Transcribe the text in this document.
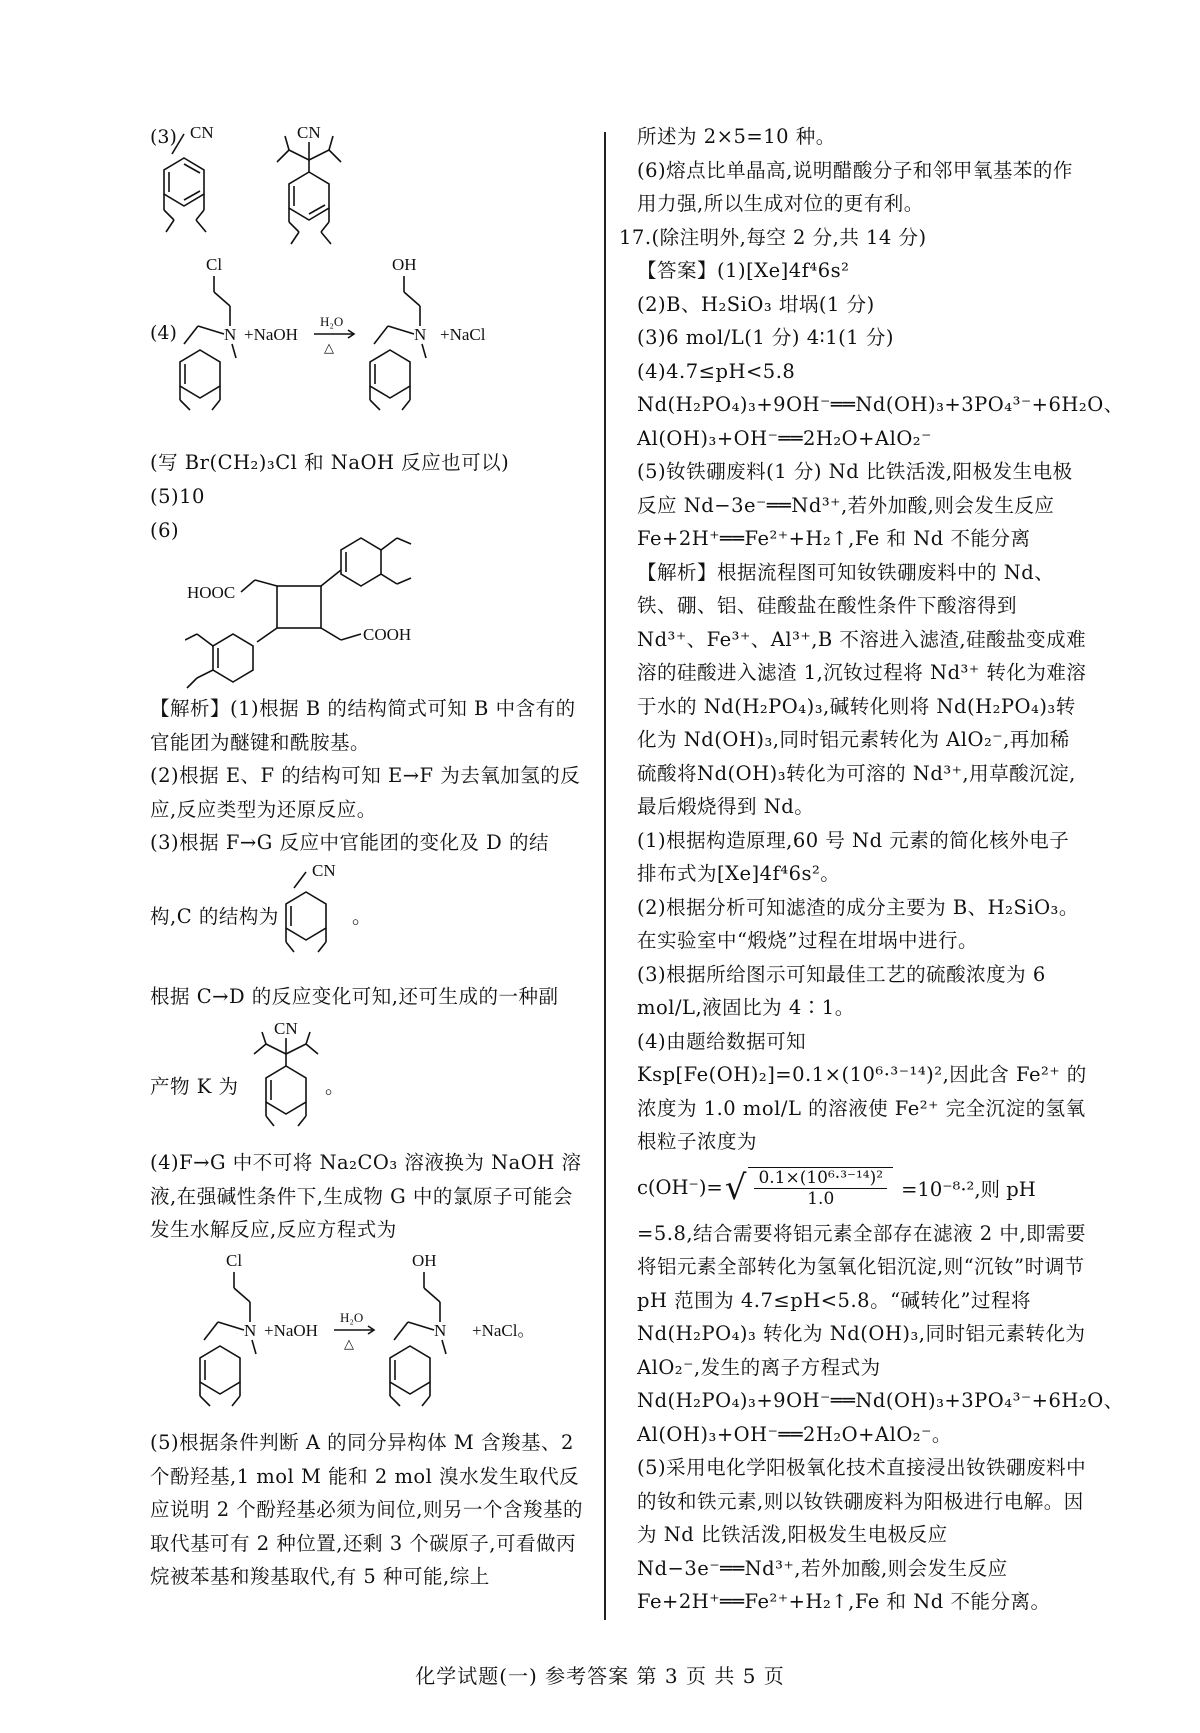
(3) CN	CN
(4)
Cl
N +NaOH
H₂O
△
OH
N +NaCl

(写 Br(CH₂)₃Cl 和 NaOH 反应也可以)

(5)10

(6)

HOOC
COOH

【解析】(1)根据 B 的结构简式可知 B 中含有的官能团为醚键和酰胺基。

(2)根据 E、F 的结构可知 E→F 为去氧加氢的反应,反应类型为还原反应。

(3)根据 F→G 反应中官能团的变化及 D 的结

构,C 的结构为
CN
。

根据 C→D 的反应变化可知,还可生成的一种副

产物 K 为
CN
。

(4)F→G 中不可将 Na₂CO₃ 溶液换为 NaOH 溶液,在强碱性条件下,生成物 G 中的氯原子可能会发生水解反应,反应方程式为

Cl
N +NaOH
H₂O
△
OH
N +NaCl。

(5)根据条件判断 A 的同分异构体 M 含羧基、2 个酚羟基,1 mol M 能和 2 mol 溴水发生取代反应说明 2 个酚羟基必须为间位,则另一个含羧基的取代基可有 2 种位置,还剩 3 个碳原子,可看做丙烷被苯基和羧基取代,有 5 种可能,综上

所述为 2×5=10 种。

(6)熔点比单晶高,说明醋酸分子和邻甲氧基苯的作用力强,所以生成对位的更有利。

17.(除注明外,每空 2 分,共 14 分)

【答案】(1)[Xe]4f⁴6s²

(2)B、H₂SiO₃ 坩埚(1 分)

(3)6 mol/L(1 分) 4∶1(1 分)

(4)4.7≤pH<5.8 Nd(H₂PO₄)₃+9OH⁻══Nd(OH)₃+3PO₄³⁻+6H₂O、Al(OH)₃+OH⁻══2H₂O+AlO₂⁻

(5)钕铁硼废料(1 分) Nd 比铁活泼,阳极发生电极反应 Nd−3e⁻══Nd³⁺,若外加酸,则会发生反应 Fe+2H⁺══Fe²⁺+H₂↑,Fe 和 Nd 不能分离

【解析】根据流程图可知钕铁硼废料中的 Nd、铁、硼、铝、硅酸盐在酸性条件下酸溶得到 Nd³⁺、Fe³⁺、Al³⁺,B 不溶进入滤渣,硅酸盐变成难溶的硅酸进入滤渣 1,沉钕过程将 Nd³⁺ 转化为难溶于水的 Nd(H₂PO₄)₃,碱转化则将 Nd(H₂PO₄)₃转化为 Nd(OH)₃,同时铝元素转化为 AlO₂⁻,再加稀硫酸将Nd(OH)₃转化为可溶的 Nd³⁺,用草酸沉淀,最后煅烧得到 Nd。

(1)根据构造原理,60 号 Nd 元素的简化核外电子排布式为[Xe]4f⁴6s²。

(2)根据分析可知滤渣的成分主要为 B、H₂SiO₃。在实验室中“煅烧”过程在坩埚中进行。

(3)根据所给图示可知最佳工艺的硫酸浓度为 6 mol/L,液固比为 4∶1。

(4)由题给数据可知 Ksp[Fe(OH)₂]=0.1×(10⁶·³⁻¹⁴)²,因此含 Fe²⁺ 的浓度为 1.0 mol/L 的溶液使 Fe²⁺ 完全沉淀的氢氧根粒子浓度为

c(OH⁻)= √ $\frac{\text{0.1×(10⁶·³⁻¹⁴)²}}{1.0} =10^{-8}\cdot^2$,则 pH

=5.8,结合需要将铝元素全部存在滤液 2 中,即需要将铝元素全部转化为氢氧化铝沉淀,则“沉钕”时调节 pH 范围为 4.7≤pH<5.8。“碱转化”过程将 Nd(H₂PO₄)₃ 转化为 Nd(OH)₃,同时铝元素转化为 AlO₂⁻,发生的离子方程式为 Nd(H₂PO₄)₃+9OH⁻══Nd(OH)₃+3PO₄³⁻+6H₂O、Al(OH)₃+OH⁻══2H₂O+AlO₂⁻。

(5)采用电化学阳极氧化技术直接浸出钕铁硼废料中的钕和铁元素,则以钕铁硼废料为阳极进行电解。因为 Nd 比铁活泼,阳极发生电极反应 Nd−3e⁻══Nd³⁺,若外加酸,则会发生反应 Fe+2H⁺══Fe²⁺+H₂↑,Fe 和 Nd 不能分离。

化学试题(一) 参考答案 第 3 页 共 5 页
